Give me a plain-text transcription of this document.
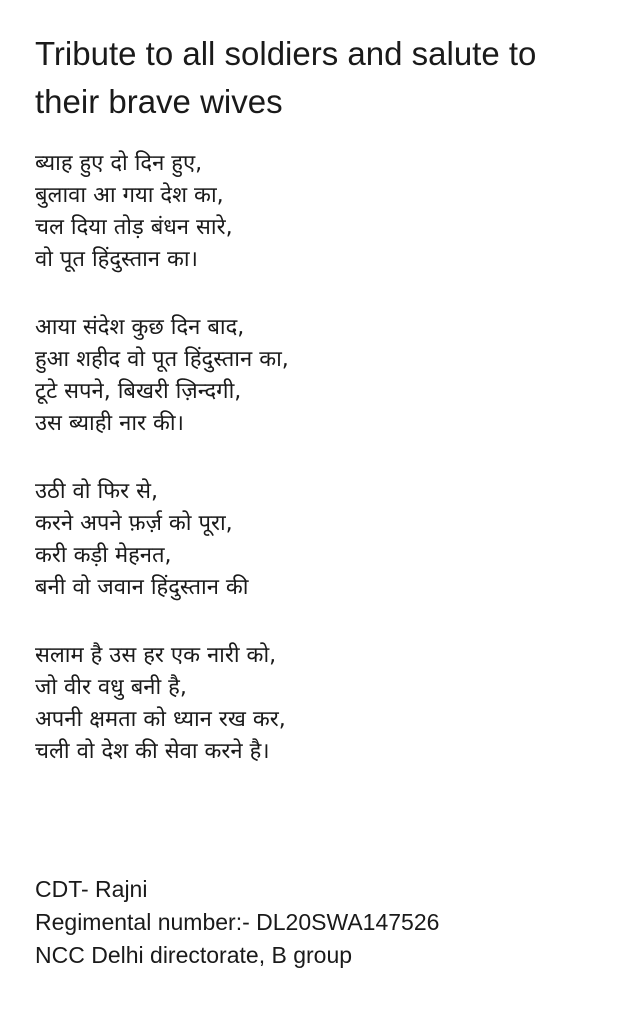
Tribute to all soldiers and salute to their brave wives
ब्याह हुए दो दिन हुए,
बुलावा आ गया देश का,
चल दिया तोड़ बंधन सारे,
वो पूत हिंदुस्तान का।
आया संदेश कुछ दिन बाद,
हुआ शहीद वो पूत हिंदुस्तान का,
टूटे सपने, बिखरी ज़िन्दगी,
उस ब्याही नार की।
उठी वो फिर से,
करने अपने फ़र्ज़ को पूरा,
करी कड़ी मेहनत,
बनी वो जवान हिंदुस्तान की
सलाम है उस हर एक नारी को,
जो वीर वधु बनी है,
अपनी क्षमता को ध्यान रख कर,
चली वो देश की सेवा करने है।
CDT- Rajni
Regimental number:- DL20SWA147526
NCC Delhi directorate, B group
